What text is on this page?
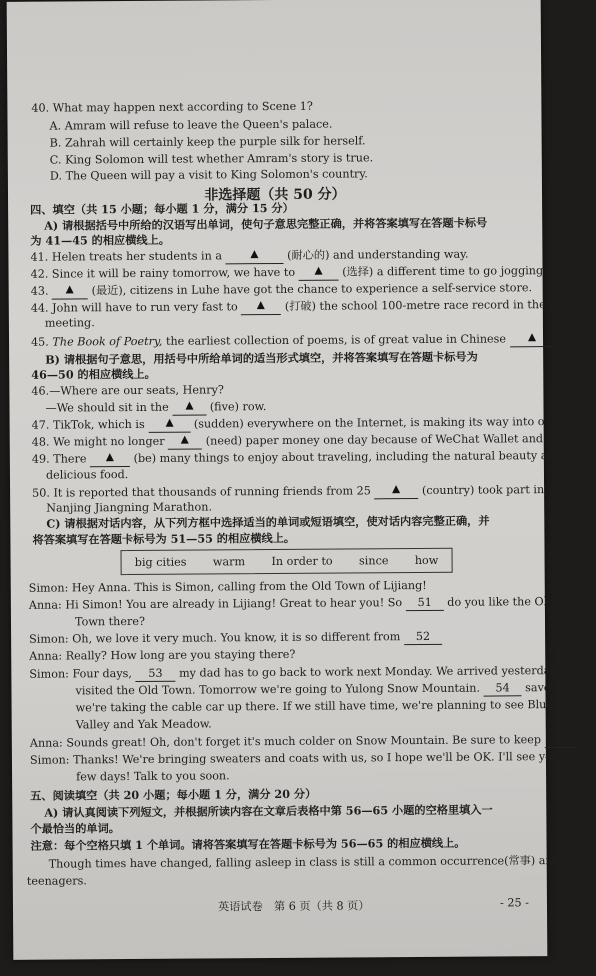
40. What may happen next according to Scene 1?
A. Amram will refuse to leave the Queen's palace.
B. Zahrah will certainly keep the purple silk for herself.
C. King Solomon will test whether Amram's story is true.
D. The Queen will pay a visit to King Solomon's country.
非选择题（共 50 分）
四、填空（共 15 小题；每小题 1 分，满分 15 分）
A) 请根据括号中所给的汉语写出单词，使句子意思完整正确，并将答案填写在答题卡标号
为 41—45 的相应横线上。
41. Helen treats her students in a	(耐心的) and understanding way.
42. Since it will be rainy tomorrow, we have to	(选择) a different time to go jogging.
43.	(最近), citizens in Luhe have got the chance to experience a self-service store.
44. John will have to run very fast to	(打破) the school 100-metre race record in the sports
meeting.
45. The Book of Poetry, the earliest collection of poems, is of great value in Chinese	(历史).
B) 请根据句子意思，用括号中所给单词的适当形式填空，并将答案填写在答题卡标号为
46—50 的相应横线上。
46.—Where are our seats, Henry?
—We should sit in the	(five) row.
47. TikTok, which is	(sudden) everywhere on the Internet, is making its way into our lives.
48. We might no longer	(need) paper money one day because of WeChat Wallet and Alipay.
49. There	(be) many things to enjoy about traveling, including the natural beauty and
delicious food.
50. It is reported that thousands of running friends from 25	(country) took part in 2019
Nanjing Jiangning Marathon.
C) 请根据对话内容，从下列方框中选择适当的单词或短语填空，使对话内容完整正确，并
big cities warm In order to since how
将答案填写在答题卡标号为 51—55 的相应横线上。
Simon: Hey Anna. This is Simon, calling from the Old Town of Lijiang!
Anna: Hi Simon! You are already in Lijiang! Great to hear you! So 51 do you like the Old
Town there?
Simon: Oh, we love it very much. You know, it is so different from 52
Anna: Really? How long are you staying there?
Simon: Four days, 53 my dad has to go back to work next Monday. We arrived yesterday and
visited the Old Town. Tomorrow we're going to Yulong Snow Mountain. 54 save time,
we're taking the cable car up there. If we still have time, we're planning to see Blue Moon
Valley and Yak Meadow.
Anna: Sounds great! Oh, don't forget it's much colder on Snow Mountain. Be sure to keep 55 !
Simon: Thanks! We're bringing sweaters and coats with us, so I hope we'll be OK. I'll see you in a
few days! Talk to you soon.
五、阅读填空（共 20 小题；每小题 1 分，满分 20 分）
A) 请认真阅读下列短文，并根据所读内容在文章后表格中第 56—65 小题的空格里填入一
个最恰当的单词。
注意：每个空格只填 1 个单词。请将答案填写在答题卡标号为 56—65 的相应横线上。
Though times have changed, falling asleep in class is still a common occurrence(常事) among
teenagers.
英语试卷　第 6 页（共 8 页）	- 25 -
